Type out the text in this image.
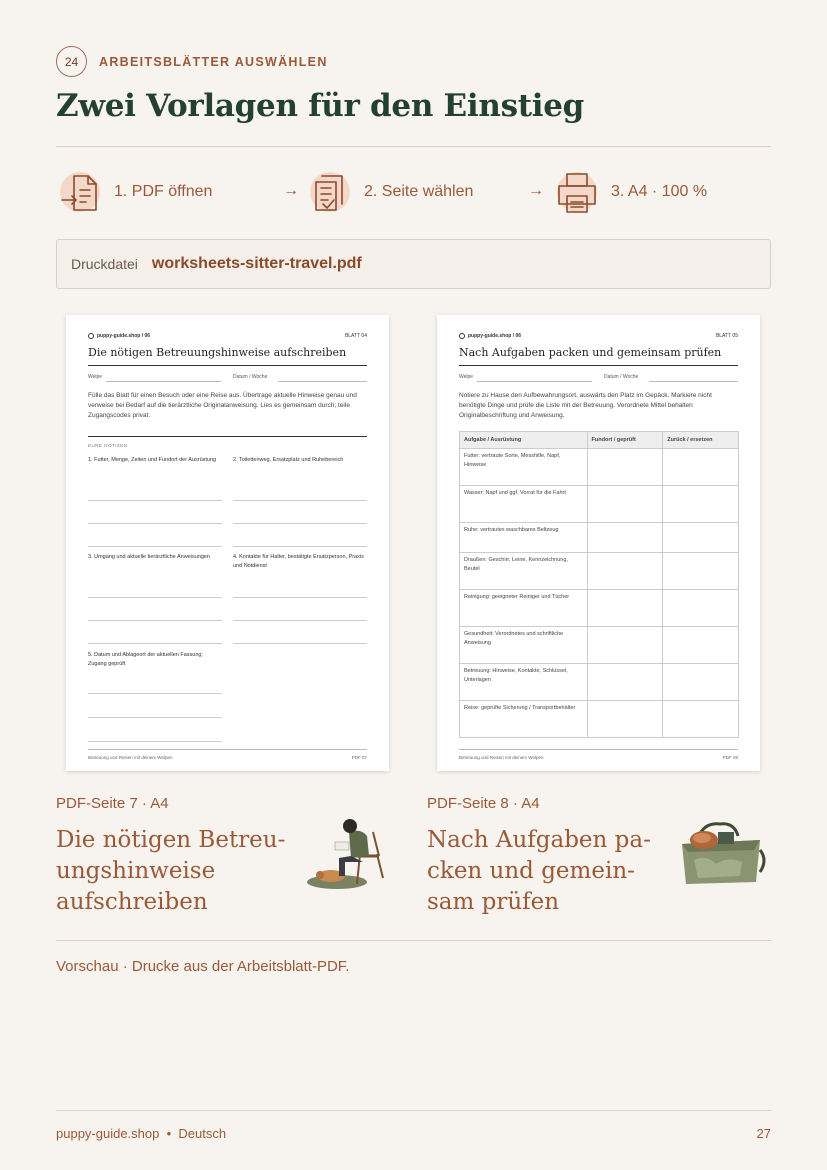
24	ARBEITSBLÄTTER AUSWÄHLEN
Zwei Vorlagen für den Einstieg
1. PDF öffnen	→	2. Seite wählen	→	3. A4 · 100 %
Druckdatei worksheets-sitter-travel.pdf
puppy-guide.shop / 06	BLATT 04
Die nötigen Betreuungshinweise aufschreiben
Welpe	Datum / Woche
Fülle das Blatt für einen Besuch oder eine Reise aus. Übertrage aktuelle Hinweise genau und verweise bei Bedarf auf die tierärztliche Originalanweisung. Lies es gemeinsam durch; teile Zugangscodes privat.
EURE NOTIZEN
1. Futter, Menge, Zeiten und Fundort der Ausrüstung	2. Toilettenweg, Ersatzplatz und Ruhebereich
3. Umgang und aktuelle tierärztliche Anweisungen	4. Kontakte für Halter, bestätigte Ersatzperson, Praxis und Notdienst
5. Datum und Ablageort der aktuellen Fassung; Zugang geprüft
Betreuung und Reisen mit deinem Welpen	PDF 07
puppy-guide.shop / 06	BLATT 05
Nach Aufgaben packen und gemeinsam prüfen
Welpe	Datum / Woche
Notiere zu Hause den Aufbewahrungsort, auswärts den Platz im Gepäck. Markiere nicht benötigte Dinge und prüfe die Liste mit der Betreuung. Verordnete Mittel behalten Originalbeschriftung und Anweisung.
Aufgabe / Ausrüstung	Fundort / geprüft	Zurück / ersetzen
Futter: vertraute Sorte, Messhilfe, Napf, Hinweise		
Wasser: Napf und ggf. Vorrat für die Fahrt		
Ruhe: vertrautes waschbares Beltzeug		
Draußen: Geschirr, Leine, Kennzeichnung, Beutel		
Reinigung: geeigneter Reiniger und Tücher		
Gesundheit: Verordnetes und schriftliche Anweisung		
Betreuung: Hinweise, Kontakte, Schlüssel, Unterlagen		
Reise: geprüfte Sicherung / Transportbehälter		
Betreuung und Reisen mit deinem Welpen	PDF 08
PDF-Seite 7 · A4
Die nötigen Betreu-
ungshinweise
aufschreiben
PDF-Seite 8 · A4
Nach Aufgaben pa-
cken und gemein-
sam prüfen
Vorschau · Drucke aus der Arbeitsblatt-PDF.
puppy-guide.shop  •  Deutsch	27
